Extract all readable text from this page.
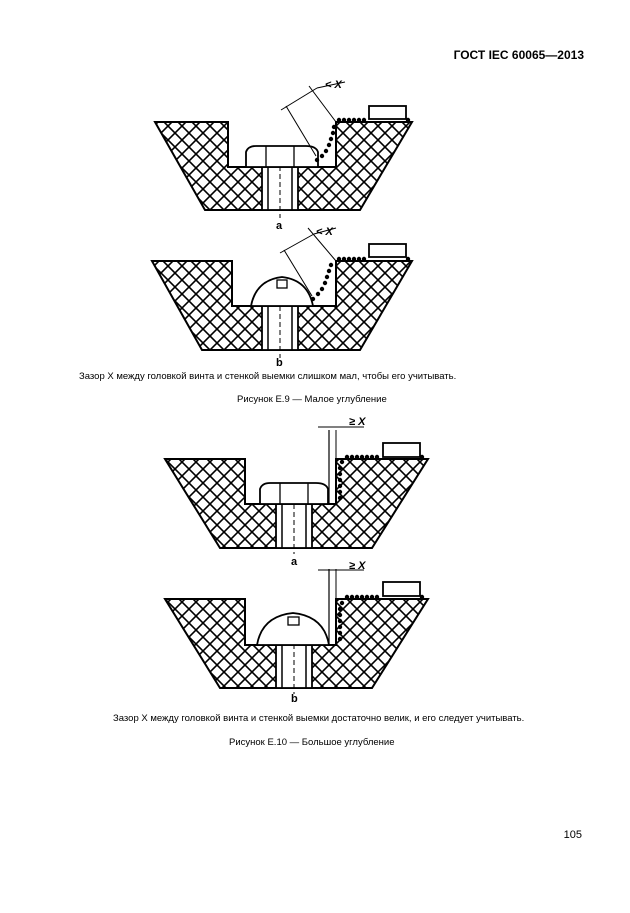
ГОСТ IEC 60065—2013
< X
a	< X
b
Зазор X между головкой винта и стенкой выемки слишком мал, чтобы его учитывать.
Рисунок Е.9 — Малое углубление
≥ X
a	≥ X
b
Зазор X между головкой винта и стенкой выемки достаточно велик, и его следует учитывать.
Рисунок Е.10 — Большое углубление
105
